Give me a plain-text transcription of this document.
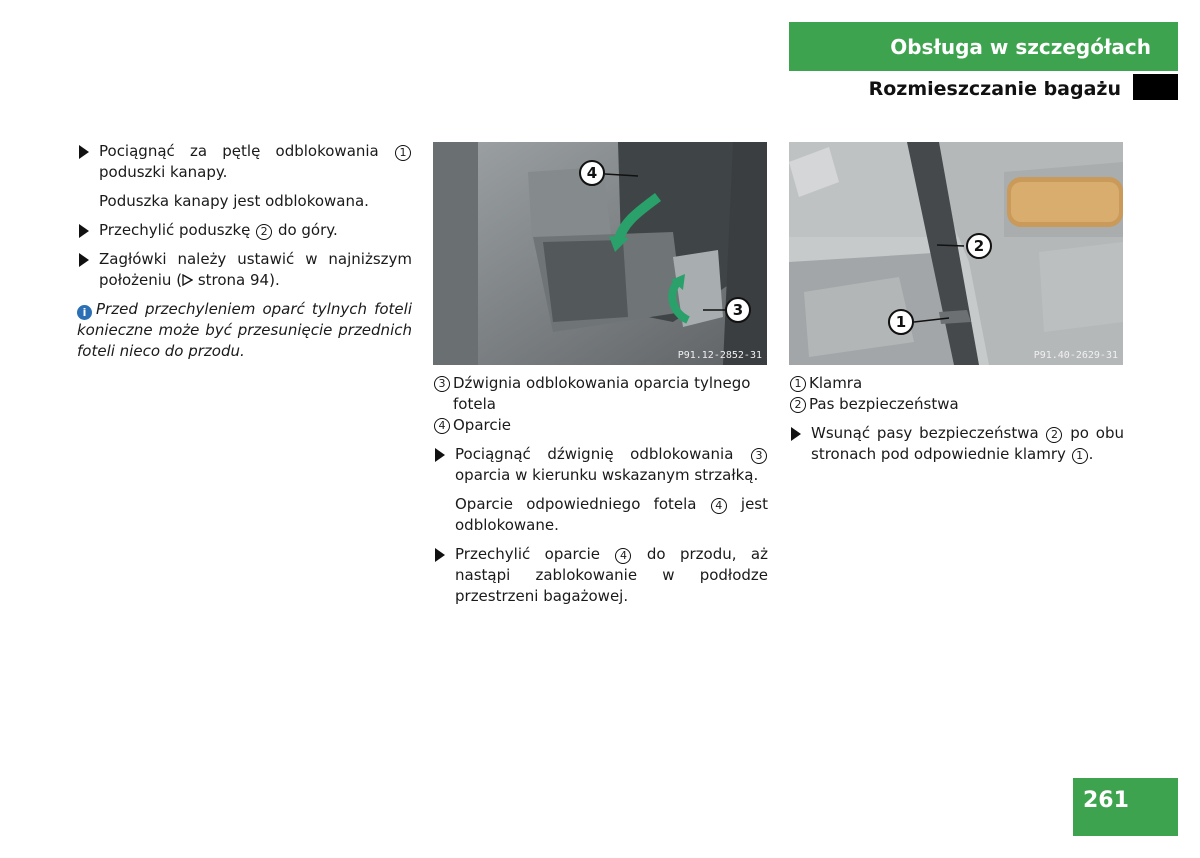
Obsługa w szczegółach
Rozmieszczanie bagażu
Pociągnąć za pętlę odblokowania 1 poduszki kanapy.
Poduszka kanapy jest odblokowana.
Przechylić poduszkę 2 do góry.
Zagłówki należy ustawić w najniższym położeniu ( strona 94).
i Przed przechyleniem oparć tylnych foteli konieczne może być przesunięcie przednich foteli nieco do przodu.
4
3
P91.12-2852-31
2
1
P91.40-2629-31
3 Dźwignia odblokowania oparcia tylnego fotela
4 Oparcie
Pociągnąć dźwignię odblokowania 3 oparcia w kierunku wskazanym strzałką.
Oparcie odpowiedniego fotela 4 jest odblokowane.
Przechylić oparcie 4 do przodu, aż nastąpi zablokowanie w podłodze przestrzeni bagażowej.
1 Klamra
2 Pas bezpieczeństwa
Wsunąć pasy bezpieczeństwa 2 po obu stronach pod odpowiednie klamry 1 .
261
